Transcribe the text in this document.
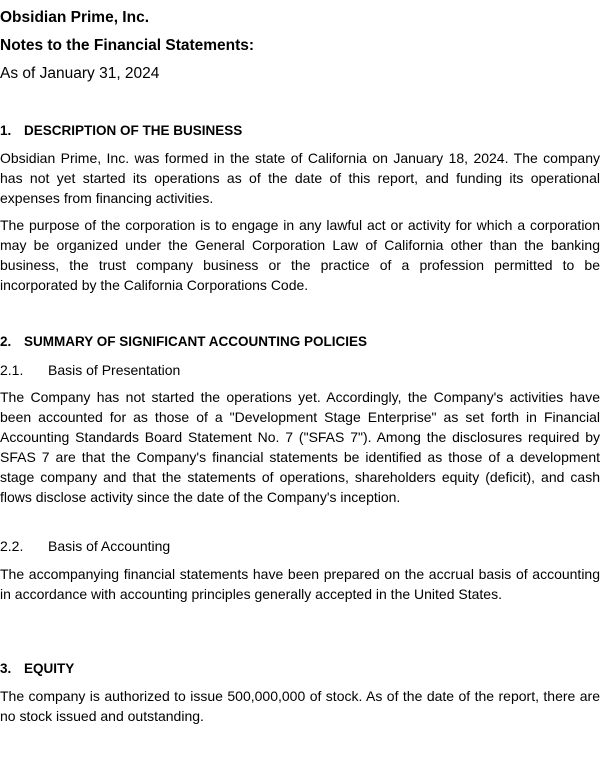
Obsidian Prime, Inc.
Notes to the Financial Statements:
As of January 31, 2024
1. DESCRIPTION OF THE BUSINESS

Obsidian Prime, Inc. was formed in the state of California on January 18, 2024. The company has not yet started its operations as of the date of this report, and funding its operational expenses from financing activities.

The purpose of the corporation is to engage in any lawful act or activity for which a corporation may be organized under the General Corporation Law of California other than the banking business, the trust company business or the practice of a profession permitted to be incorporated by the California Corporations Code.

2. SUMMARY OF SIGNIFICANT ACCOUNTING POLICIES
2.1. Basis of Presentation

The Company has not started the operations yet. Accordingly, the Company's activities have been accounted for as those of a "Development Stage Enterprise" as set forth in Financial Accounting Standards Board Statement No. 7 ("SFAS 7"). Among the disclosures required by SFAS 7 are that the Company's financial statements be identified as those of a development stage company and that the statements of operations, shareholders equity (deficit), and cash flows disclose activity since the date of the Company's inception.

2.2. Basis of Accounting

The accompanying financial statements have been prepared on the accrual basis of accounting in accordance with accounting principles generally accepted in the United States.

3. EQUITY

The company is authorized to issue 500,000,000 of stock. As of the date of the report, there are no stock issued and outstanding.
